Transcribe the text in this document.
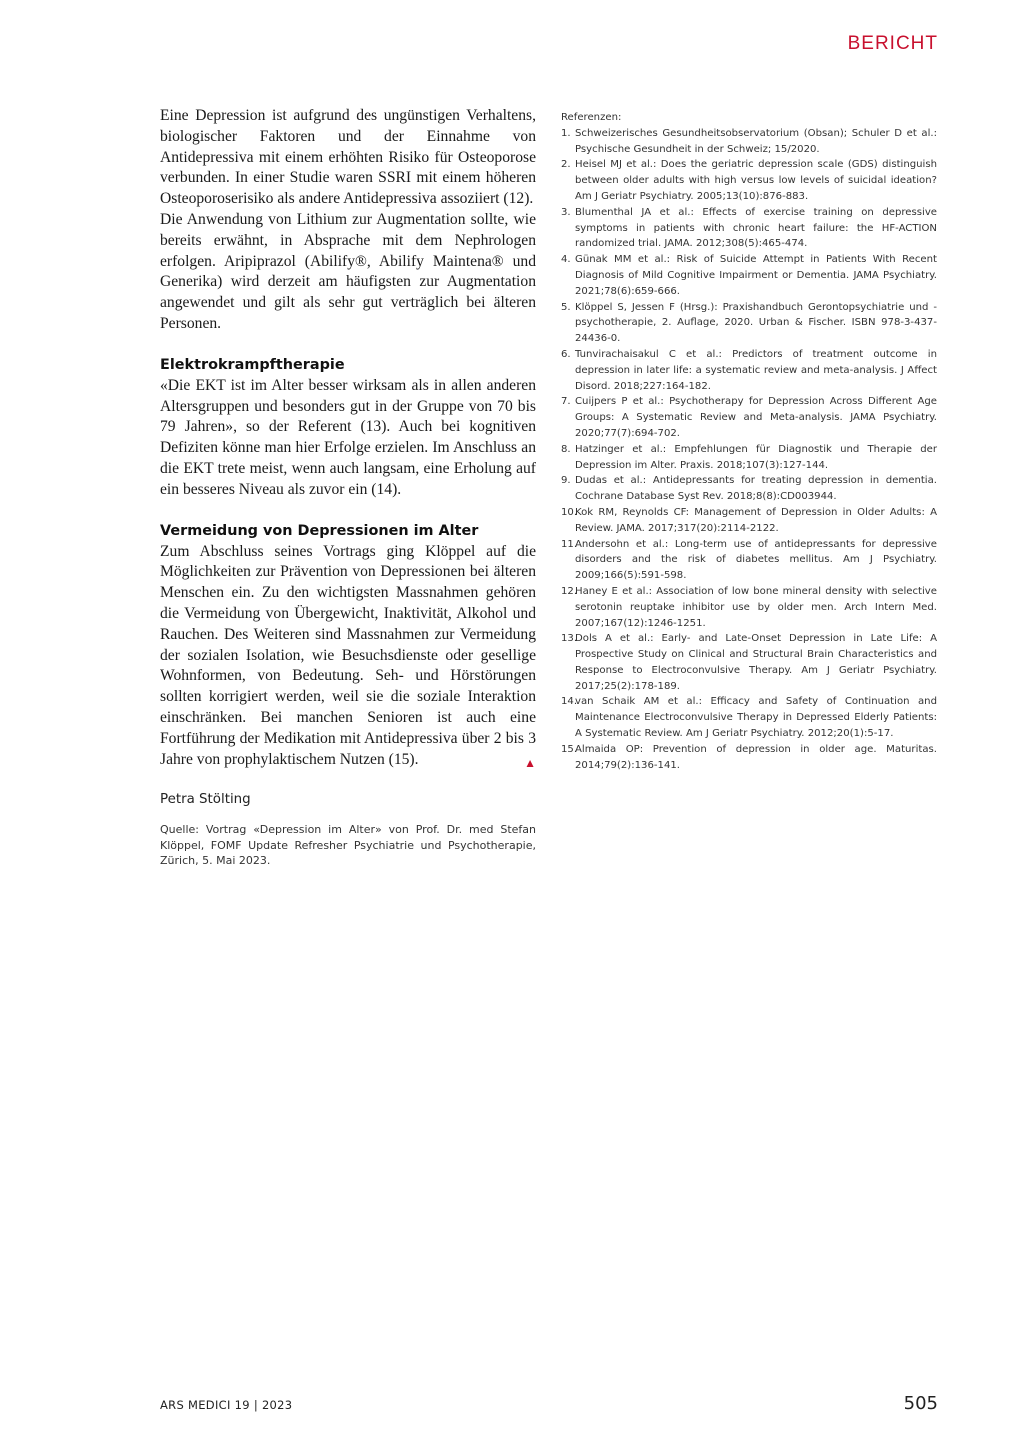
BERICHT

Eine Depression ist aufgrund des ungünstigen Verhaltens, biologischer Faktoren und der Einnahme von Antidepressiva mit einem erhöhten Risiko für Osteoporose verbunden. In einer Studie waren SSRI mit einem höheren Osteoporoserisiko als andere Antidepressiva assoziiert (12).

Die Anwendung von Lithium zur Augmentation sollte, wie bereits erwähnt, in Absprache mit dem Nephrologen erfolgen. Aripiprazol (Abilify®, Abilify Maintena® und Generika) wird derzeit am häufigsten zur Augmentation angewendet und gilt als sehr gut verträglich bei älteren Personen.

Elektrokrampftherapie

«Die EKT ist im Alter besser wirksam als in allen anderen Altersgruppen und besonders gut in der Gruppe von 70 bis 79 Jahren», so der Referent (13). Auch bei kognitiven Defiziten könne man hier Erfolge erzielen. Im Anschluss an die EKT trete meist, wenn auch langsam, eine Erholung auf ein besseres Niveau als zuvor ein (14).

Vermeidung von Depressionen im Alter

Zum Abschluss seines Vortrags ging Klöppel auf die Möglichkeiten zur Prävention von Depressionen bei älteren Menschen ein. Zu den wichtigsten Massnahmen gehören die Vermeidung von Übergewicht, Inaktivität, Alkohol und Rauchen. Des Weiteren sind Massnahmen zur Vermeidung der sozialen Isolation, wie Besuchsdienste oder gesellige Wohnformen, von Bedeutung. Seh- und Hörstörungen sollten korrigiert werden, weil sie die soziale Interaktion einschränken. Bei manchen Senioren ist auch eine Fortführung der Medikation mit Antidepressiva über 2 bis 3 Jahre von prophylaktischem Nutzen (15).	▲

Petra Stölting
Quelle: Vortrag «Depression im Alter» von Prof. Dr. med Stefan Klöppel, FOMF Update Refresher Psychiatrie und Psychotherapie, Zürich, 5. Mai 2023.
Referenzen:
1. Schweizerisches Gesundheitsobservatorium (Obsan); Schuler D et al.: Psychische Gesundheit in der Schweiz; 15/2020.
2. Heisel MJ et al.: Does the geriatric depression scale (GDS) distinguish between older adults with high versus low levels of suicidal ideation? Am J Geriatr Psychiatry. 2005;13(10):876-883.
3. Blumenthal JA et al.: Effects of exercise training on depressive symptoms in patients with chronic heart failure: the HF-ACTION randomized trial. JAMA. 2012;308(5):465-474.
4. Günak MM et al.: Risk of Suicide Attempt in Patients With Recent Diagnosis of Mild Cognitive Impairment or Dementia. JAMA Psychiatry. 2021;78(6):659-666.
5. Klöppel S, Jessen F (Hrsg.): Praxishandbuch Gerontopsychiatrie und -psychotherapie, 2. Auflage, 2020. Urban & Fischer. ISBN 978-3-437-24436-0.
6. Tunvirachaisakul C et al.: Predictors of treatment outcome in depression in later life: a systematic review and meta-analysis. J Affect Disord. 2018;227:164-182.
7. Cuijpers P et al.: Psychotherapy for Depression Across Different Age Groups: A Systematic Review and Meta-analysis. JAMA Psychiatry. 2020;77(7):694-702.
8. Hatzinger et al.: Empfehlungen für Diagnostik und Therapie der Depression im Alter. Praxis. 2018;107(3):127-144.
9. Dudas et al.: Antidepressants for treating depression in dementia. Cochrane Database Syst Rev. 2018;8(8):CD003944.
10.
Kok RM, Reynolds CF: Management of Depression in Older Adults: A Review. JAMA. 2017;317(20):2114-2122.
11.
Andersohn et al.: Long-term use of antidepressants for depressive disorders and the risk of diabetes mellitus. Am J Psychiatry. 2009;166(5):591-598.
12.
Haney E et al.: Association of low bone mineral density with selective serotonin reuptake inhibitor use by older men. Arch Intern Med. 2007;167(12):1246-1251.
13.
Dols A et al.: Early- and Late-Onset Depression in Late Life: A Prospective Study on Clinical and Structural Brain Characteristics and Response to Electroconvulsive Therapy. Am J Geriatr Psychiatry. 2017;25(2):178-189.
14.
van Schaik AM et al.: Efficacy and Safety of Continuation and Maintenance Electroconvulsive Therapy in Depressed Elderly Patients: A Systematic Review. Am J Geriatr Psychiatry. 2012;20(1):5-17.
15.
Almaida OP: Prevention of depression in older age. Maturitas. 2014;79(2):136-141.
ARS MEDICI 19 | 2023	505
